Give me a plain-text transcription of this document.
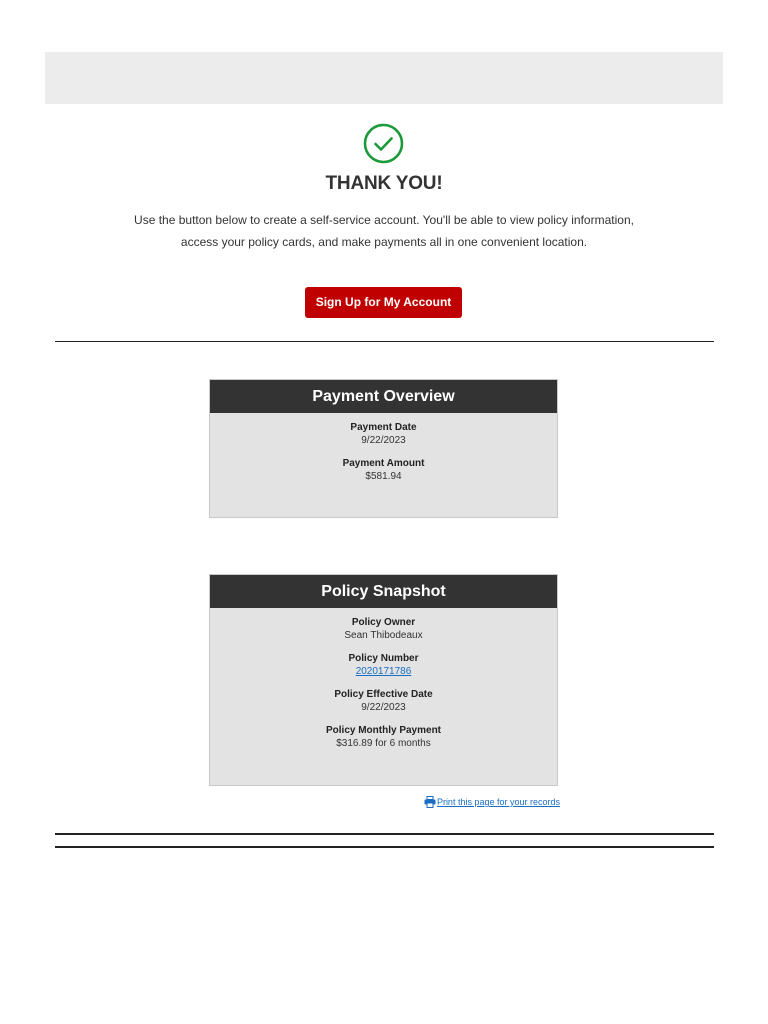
THANK YOU!
Use the button below to create a self-service account. You'll be able to view policy information,
access your policy cards, and make payments all in one convenient location.
Sign Up for My Account
Payment Overview
Payment Date
9/22/2023
Payment Amount
$581.94
Policy Snapshot
Policy Owner
Sean Thibodeaux
Policy Number
2020171786
Policy Effective Date
9/22/2023
Policy Monthly Payment
$316.89 for 6 months
Print this page for your records
